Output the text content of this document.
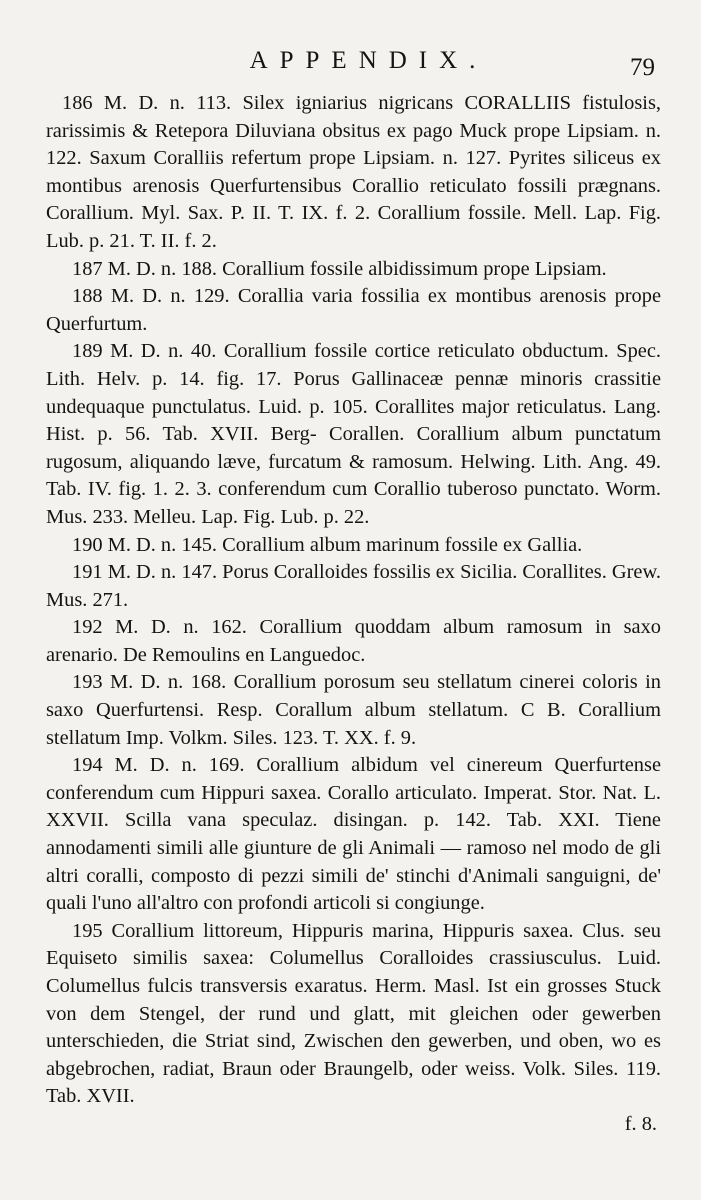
APPENDIX.	79

186 M. D. n. 113. Silex igniarius nigricans CORALLIIS fistulosis, rarissimis & Retepora Diluviana obsitus ex pago Muck prope Lipsiam. n. 122. Saxum Coralliis refertum prope Lipsiam. n. 127. Pyrites siliceus ex montibus arenosis Querfurtensibus Corallio reticulato fossili prægnans. Corallium. Myl. Sax. P. II. T. IX. f. 2. Corallium fossile. Mell. Lap. Fig. Lub. p. 21. T. II. f. 2.

187 M. D. n. 188. Corallium fossile albidissimum prope Lipsiam.

188 M. D. n. 129. Corallia varia fossilia ex montibus arenosis prope Querfurtum.

189 M. D. n. 40. Corallium fossile cortice reticulato obductum. Spec. Lith. Helv. p. 14. fig. 17. Porus Gallinaceæ pennæ minoris crassitie undequaque punctulatus. Luid. p. 105. Corallites major reticulatus. Lang. Hist. p. 56. Tab. XVII. Berg- Corallen. Corallium album punctatum rugosum, aliquando læve, furcatum & ramosum. Helwing. Lith. Ang. 49. Tab. IV. fig. 1. 2. 3. conferendum cum Corallio tuberoso punctato. Worm. Mus. 233. Melleu. Lap. Fig. Lub. p. 22.

190 M. D. n. 145. Corallium album marinum fossile ex Gallia.

191 M. D. n. 147. Porus Coralloides fossilis ex Sicilia. Corallites. Grew. Mus. 271.

192 M. D. n. 162. Corallium quoddam album ramosum in saxo arenario. De Remoulins en Languedoc.

193 M. D. n. 168. Corallium porosum seu stellatum cinerei coloris in saxo Querfurtensi. Resp. Corallum album stellatum. C B. Corallium stellatum Imp. Volkm. Siles. 123. T. XX. f. 9.

194 M. D. n. 169. Corallium albidum vel cinereum Querfurtense conferendum cum Hippuri saxea. Corallo articulato. Imperat. Stor. Nat. L. XXVII. Scilla vana speculaz. disingan. p. 142. Tab. XXI. Tiene annodamenti simili alle giunture de gli Animali — ramoso nel modo de gli altri coralli, composto di pezzi simili de' stinchi d'Animali sanguigni, de' quali l'uno all'altro con profondi articoli si congiunge.

195 Corallium littoreum, Hippuris marina, Hippuris saxea. Clus. seu Equiseto similis saxea: Columellus Coralloides crassiusculus. Luid. Columellus fulcis transversis exaratus. Herm. Masl. Ist ein grosses Stuck von dem Stengel, der rund und glatt, mit gleichen oder gewerben unterschieden, die Striat sind, Zwischen den gewerben, und oben, wo es abgebrochen, radiat, Braun oder Braungelb, oder weiss. Volk. Siles. 119. Tab. XVII.

f. 8.
